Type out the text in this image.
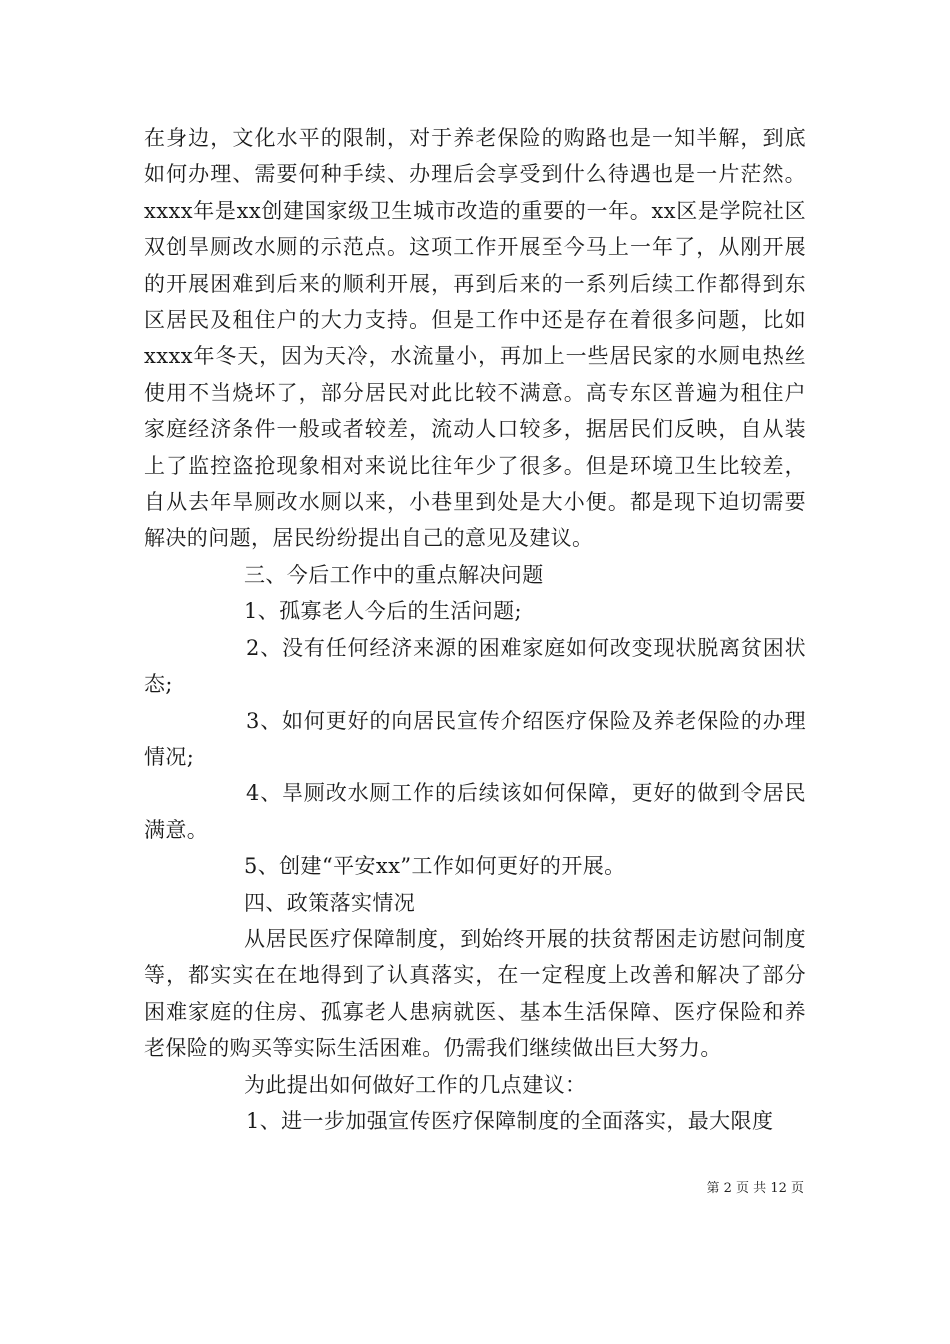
在身边，文化水平的限制，对于养老保险的购路也是一知半解，到底如何办理、需要何种手续、办理后会享受到什么待遇也是一片茫然。xxxx年是xx创建国家级卫生城市改造的重要的一年。xx区是学院社区双创旱厕改水厕的示范点。这项工作开展至今马上一年了，从刚开展的开展困难到后来的顺利开展，再到后来的一系列后续工作都得到东区居民及租住户的大力支持。但是工作中还是存在着很多问题，比如xxxx年冬天，因为天冷，水流量小，再加上一些居民家的水厕电热丝使用不当烧坏了，部分居民对此比较不满意。高专东区普遍为租住户家庭经济条件一般或者较差，流动人口较多，据居民们反映，自从装上了监控盗抢现象相对来说比往年少了很多。但是环境卫生比较差，自从去年旱厕改水厕以来，小巷里到处是大小便。都是现下迫切需要解决的问题，居民纷纷提出自己的意见及建议。

三、今后工作中的重点解决问题

1、孤寡老人今后的生活问题;

2、没有任何经济来源的困难家庭如何改变现状脱离贫困状态;

3、如何更好的向居民宣传介绍医疗保险及养老保险的办理情况;

4、旱厕改水厕工作的后续该如何保障，更好的做到令居民满意。

5、创建“平安xx”工作如何更好的开展。

四、政策落实情况

从居民医疗保障制度，到始终开展的扶贫帮困走访慰问制度等，都实实在在地得到了认真落实，在一定程度上改善和解决了部分困难家庭的住房、孤寡老人患病就医、基本生活保障、医疗保险和养老保险的购买等实际生活困难。仍需我们继续做出巨大努力。

为此提出如何做好工作的几点建议：

1、进一步加强宣传医疗保障制度的全面落实，最大限度

第 2 页 共 12 页
